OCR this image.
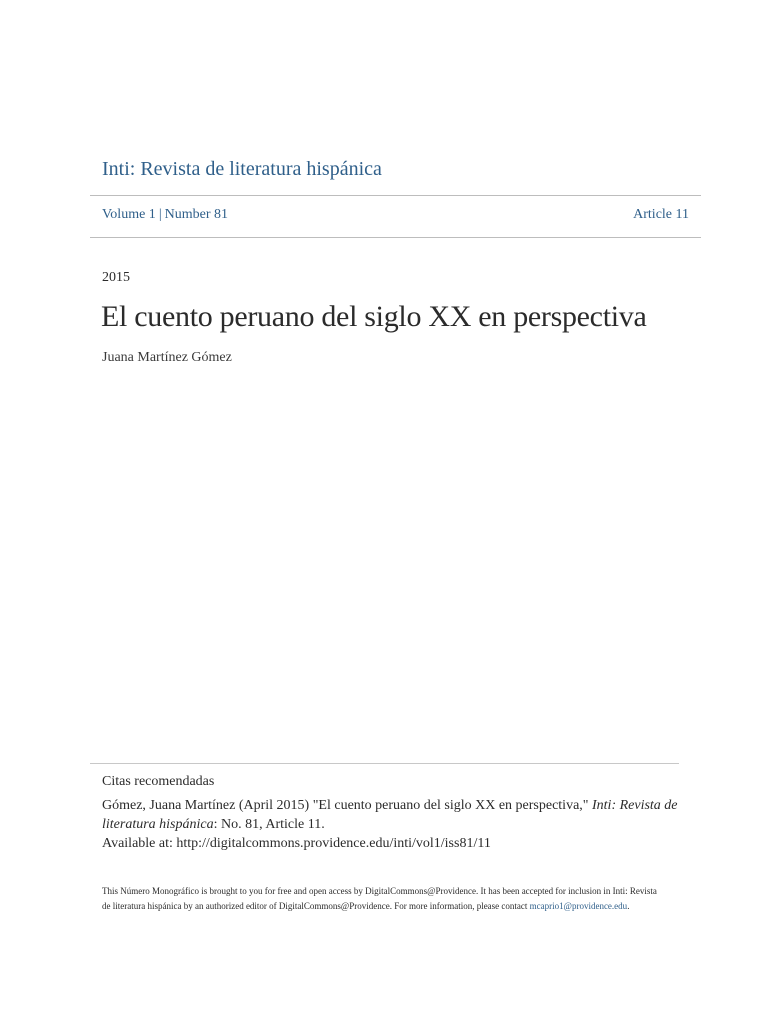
Inti: Revista de literatura hispánica
Volume 1 | Number 81	Article 11
2015
El cuento peruano del siglo XX en perspectiva
Juana Martínez Gómez
Citas recomendadas
Gómez, Juana Martínez (April 2015) "El cuento peruano del siglo XX en perspectiva," Inti: Revista de literatura hispánica: No. 81, Article 11.
Available at: http://digitalcommons.providence.edu/inti/vol1/iss81/11
This Número Monográfico is brought to you for free and open access by DigitalCommons@Providence. It has been accepted for inclusion in Inti: Revista de literatura hispánica by an authorized editor of DigitalCommons@Providence. For more information, please contact mcaprio1@providence.edu.
